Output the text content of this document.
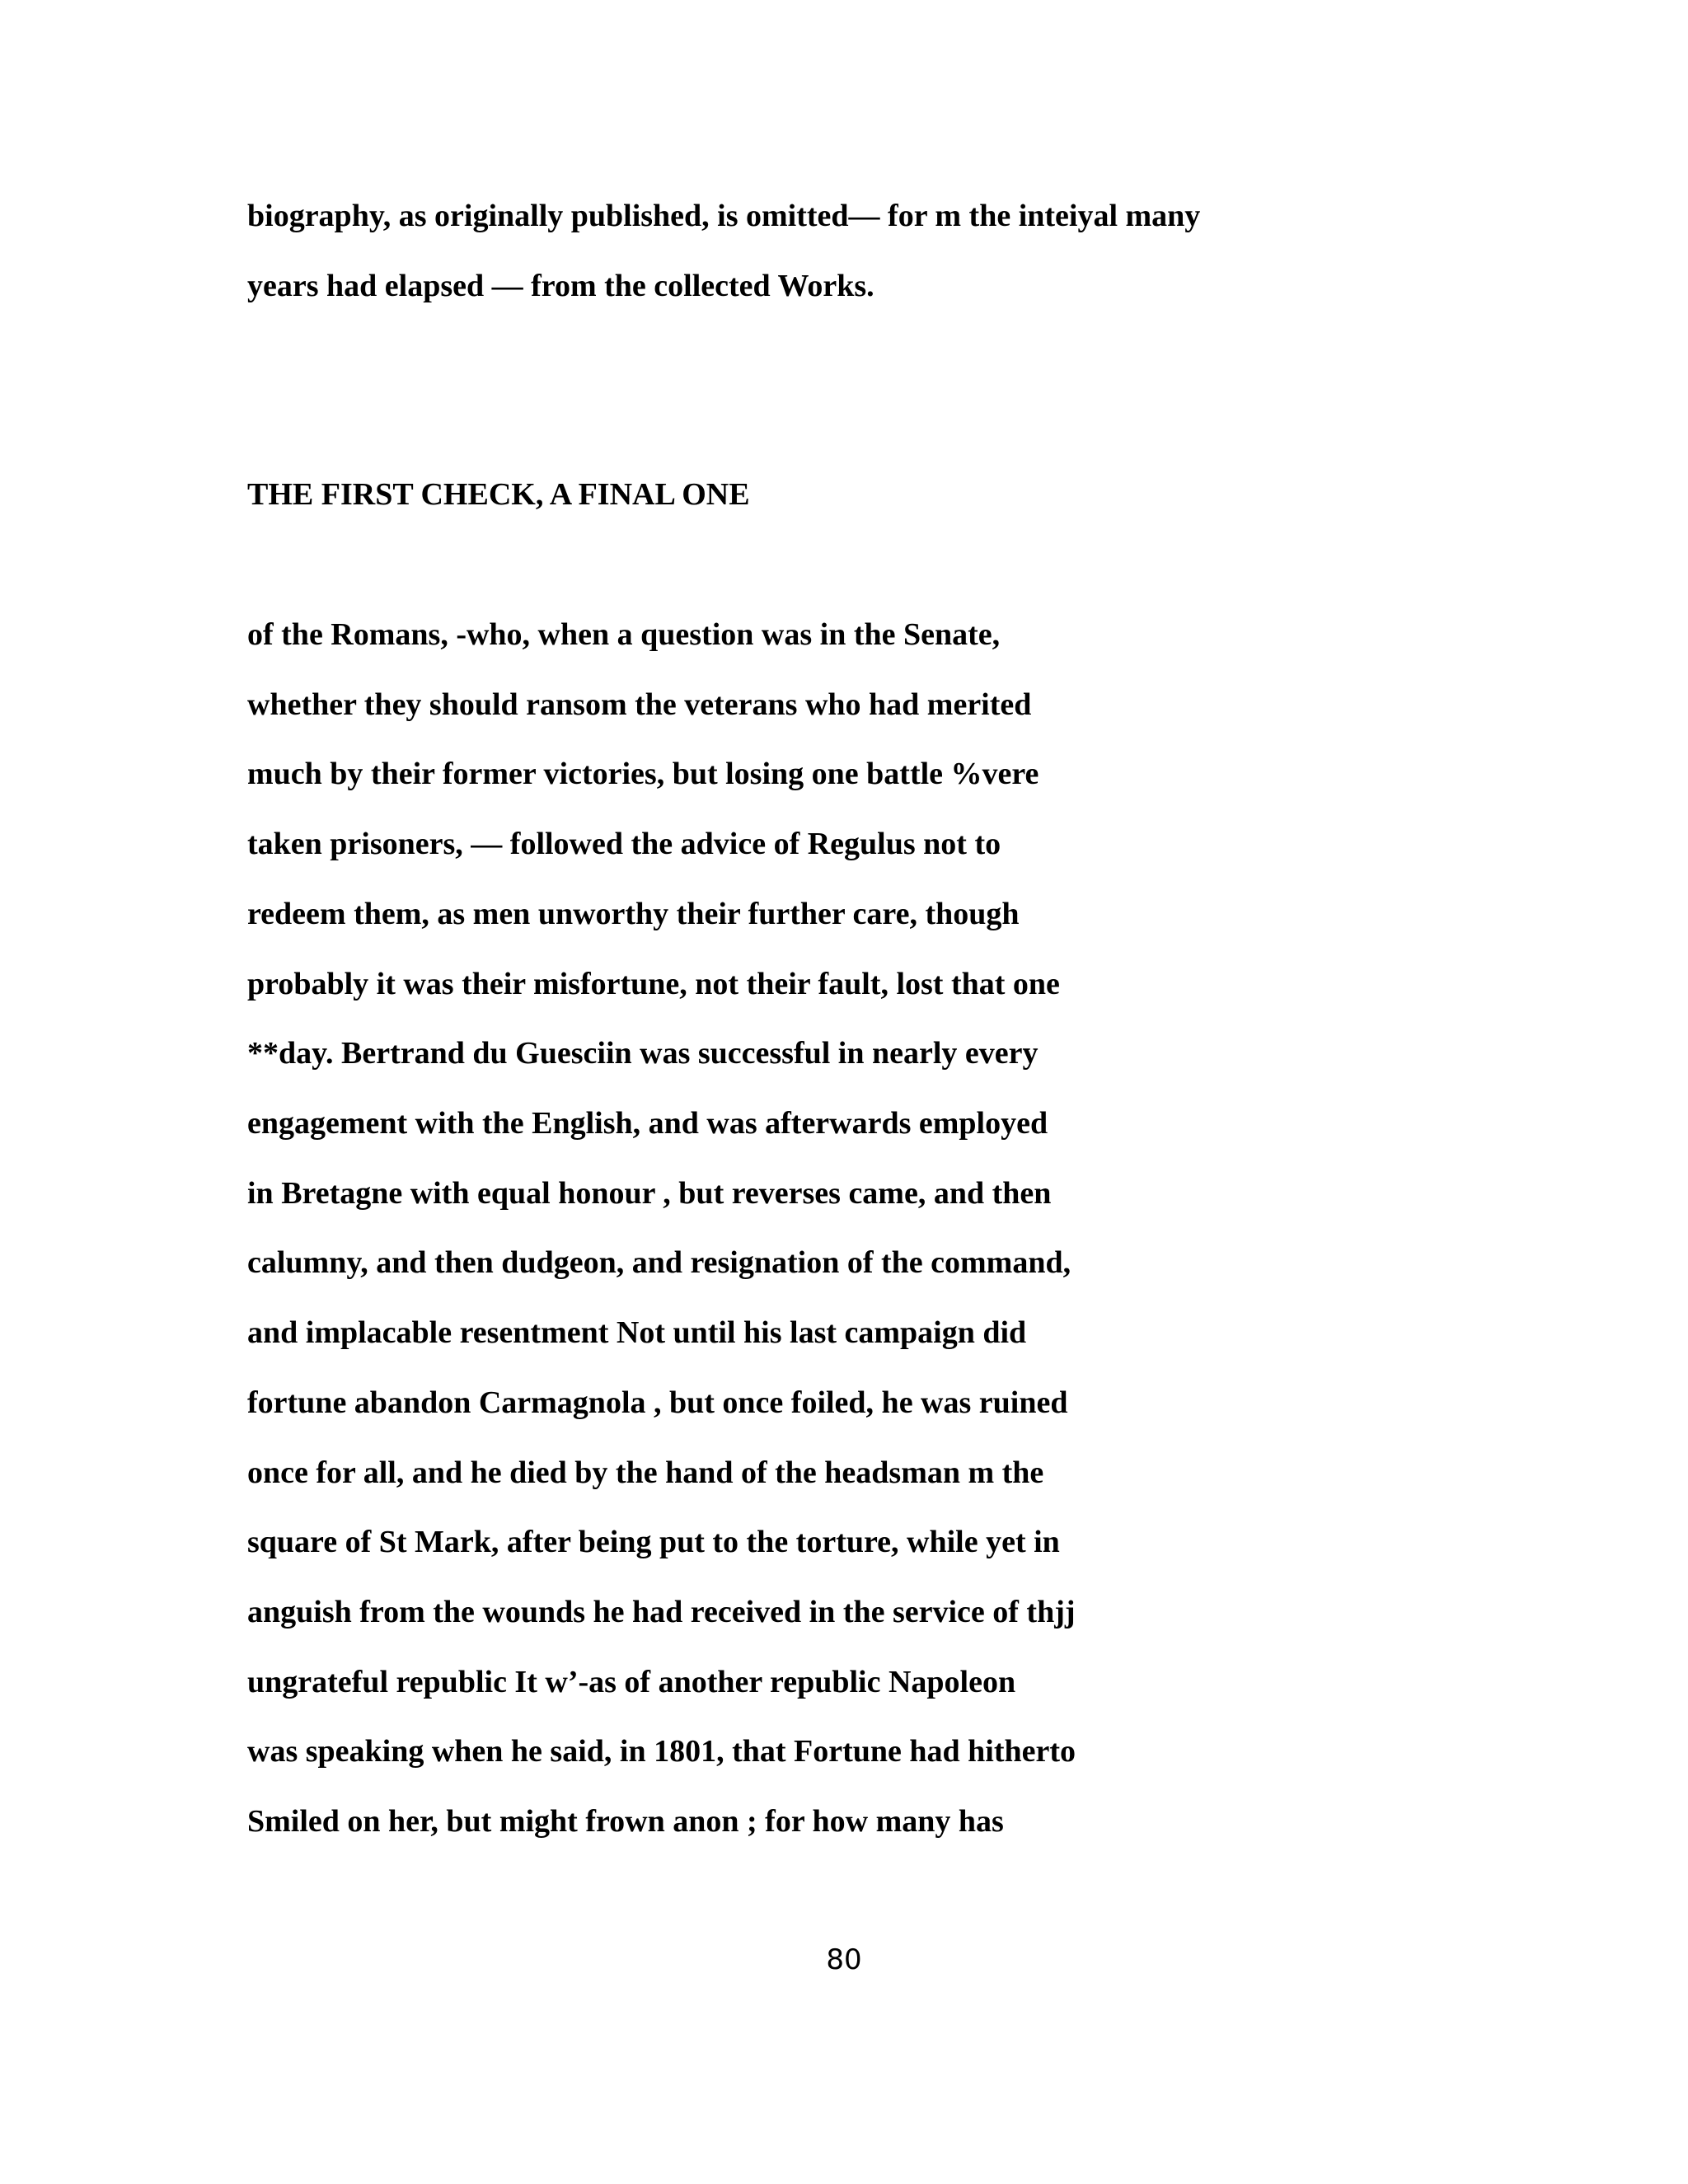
biography, as originally published, is omitted— for m the inteiyal many

years had elapsed — from the collected Works.

THE FIRST CHECK, A FINAL ONE

of the Romans, -who, when a question was in the Senate,

whether they should ransom the veterans who had merited

much by their former victories, but losing one battle %vere

taken prisoners, — followed the advice of Regulus not to

redeem them, as men unworthy their further care, though

probably it was their misfortune, not their fault, lost that one

**day. Bertrand du Guesciin was successful in nearly every

engagement with the English, and was afterwards employed

in Bretagne with equal honour , but reverses came, and then

calumny, and then dudgeon, and resignation of the command,

and implacable resentment Not until his last campaign did

fortune abandon Carmagnola , but once foiled, he was ruined

once for all, and he died by the hand of the headsman m the

square of St Mark, after being put to the torture, while yet in

anguish from the wounds he had received in the service of thjj

ungrateful republic It w’-as of another republic Napoleon

was speaking when he said, in 1801, that Fortune had hitherto

Smiled on her, but might frown anon ; for how many has

80
